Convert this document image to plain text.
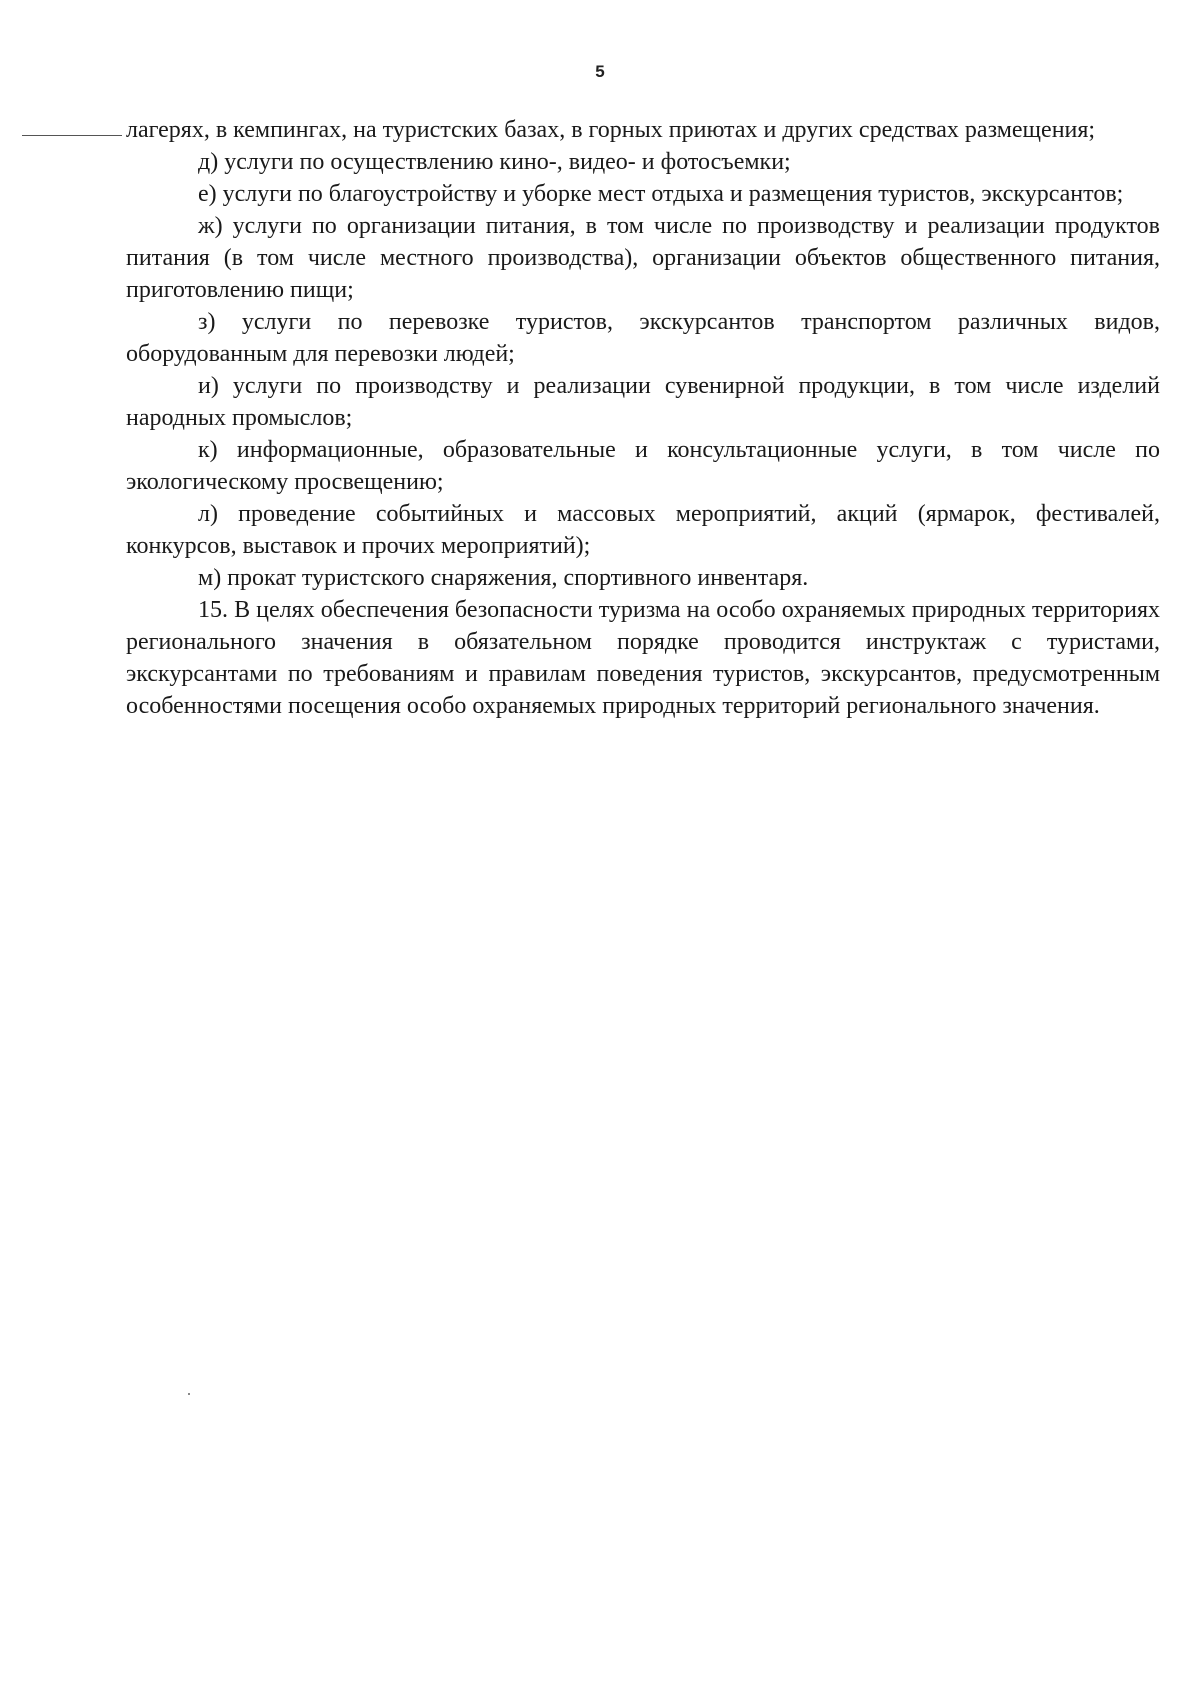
5

лагерях, в кемпингах, на туристских базах, в горных приютах и других средствах размещения;

д) услуги по осуществлению кино-, видео- и фотосъемки;

е) услуги по благоустройству и уборке мест отдыха и размещения туристов, экскурсантов;

ж) услуги по организации питания, в том числе по производству и реализации продуктов питания (в том числе местного производства), организации объектов общественного питания, приготовлению пищи;

з) услуги по перевозке туристов, экскурсантов транспортом различных видов, оборудованным для перевозки людей;

и) услуги по производству и реализации сувенирной продукции, в том числе изделий народных промыслов;

к) информационные, образовательные и консультационные услуги, в том числе по экологическому просвещению;

л) проведение событийных и массовых мероприятий, акций (ярмарок, фестивалей, конкурсов, выставок и прочих мероприятий);

м) прокат туристского снаряжения, спортивного инвентаря.

15. В целях обеспечения безопасности туризма на особо охраняемых природных территориях регионального значения в обязательном порядке проводится инструктаж с туристами, экскурсантами по требованиям и правилам поведения туристов, экскурсантов, предусмотренным особенностями посещения особо охраняемых природных территорий регионального значения.
